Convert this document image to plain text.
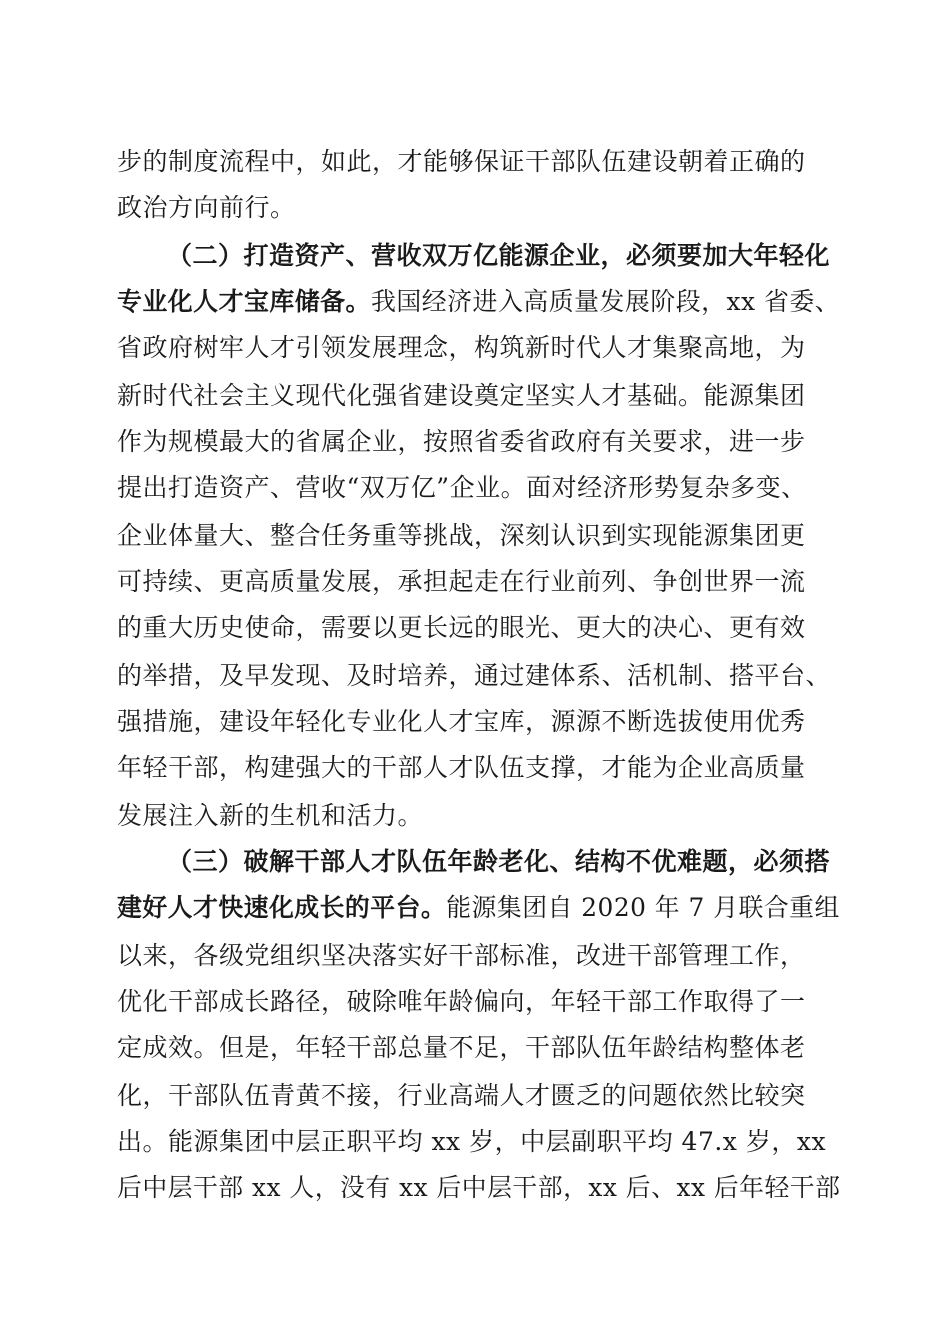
步的制度流程中，如此，才能够保证干部队伍建设朝着正确的
政治方向前行。
（二）打造资产、营收双万亿能源企业，必须要加大年轻化
专业化人才宝库储备。我国经济进入高质量发展阶段，xx 省委、
省政府树牢人才引领发展理念，构筑新时代人才集聚高地，为
新时代社会主义现代化强省建设奠定坚实人才基础。能源集团
作为规模最大的省属企业，按照省委省政府有关要求，进一步
提出打造资产、营收“双万亿”企业。面对经济形势复杂多变、
企业体量大、整合任务重等挑战，深刻认识到实现能源集团更
可持续、更高质量发展，承担起走在行业前列、争创世界一流
的重大历史使命，需要以更长远的眼光、更大的决心、更有效
的举措，及早发现、及时培养，通过建体系、活机制、搭平台、
强措施，建设年轻化专业化人才宝库，源源不断选拔使用优秀
年轻干部，构建强大的干部人才队伍支撑，才能为企业高质量
发展注入新的生机和活力。
（三）破解干部人才队伍年龄老化、结构不优难题，必须搭
建好人才快速化成长的平台。能源集团自 2020 年 7 月联合重组
以来，各级党组织坚决落实好干部标准，改进干部管理工作，
优化干部成长路径，破除唯年龄偏向，年轻干部工作取得了一
定成效。但是，年轻干部总量不足，干部队伍年龄结构整体老
化，干部队伍青黄不接，行业高端人才匮乏的问题依然比较突
出。能源集团中层正职平均 xx 岁，中层副职平均 47.x 岁，xx
后中层干部 xx 人，没有 xx 后中层干部，xx 后、xx 后年轻干部
